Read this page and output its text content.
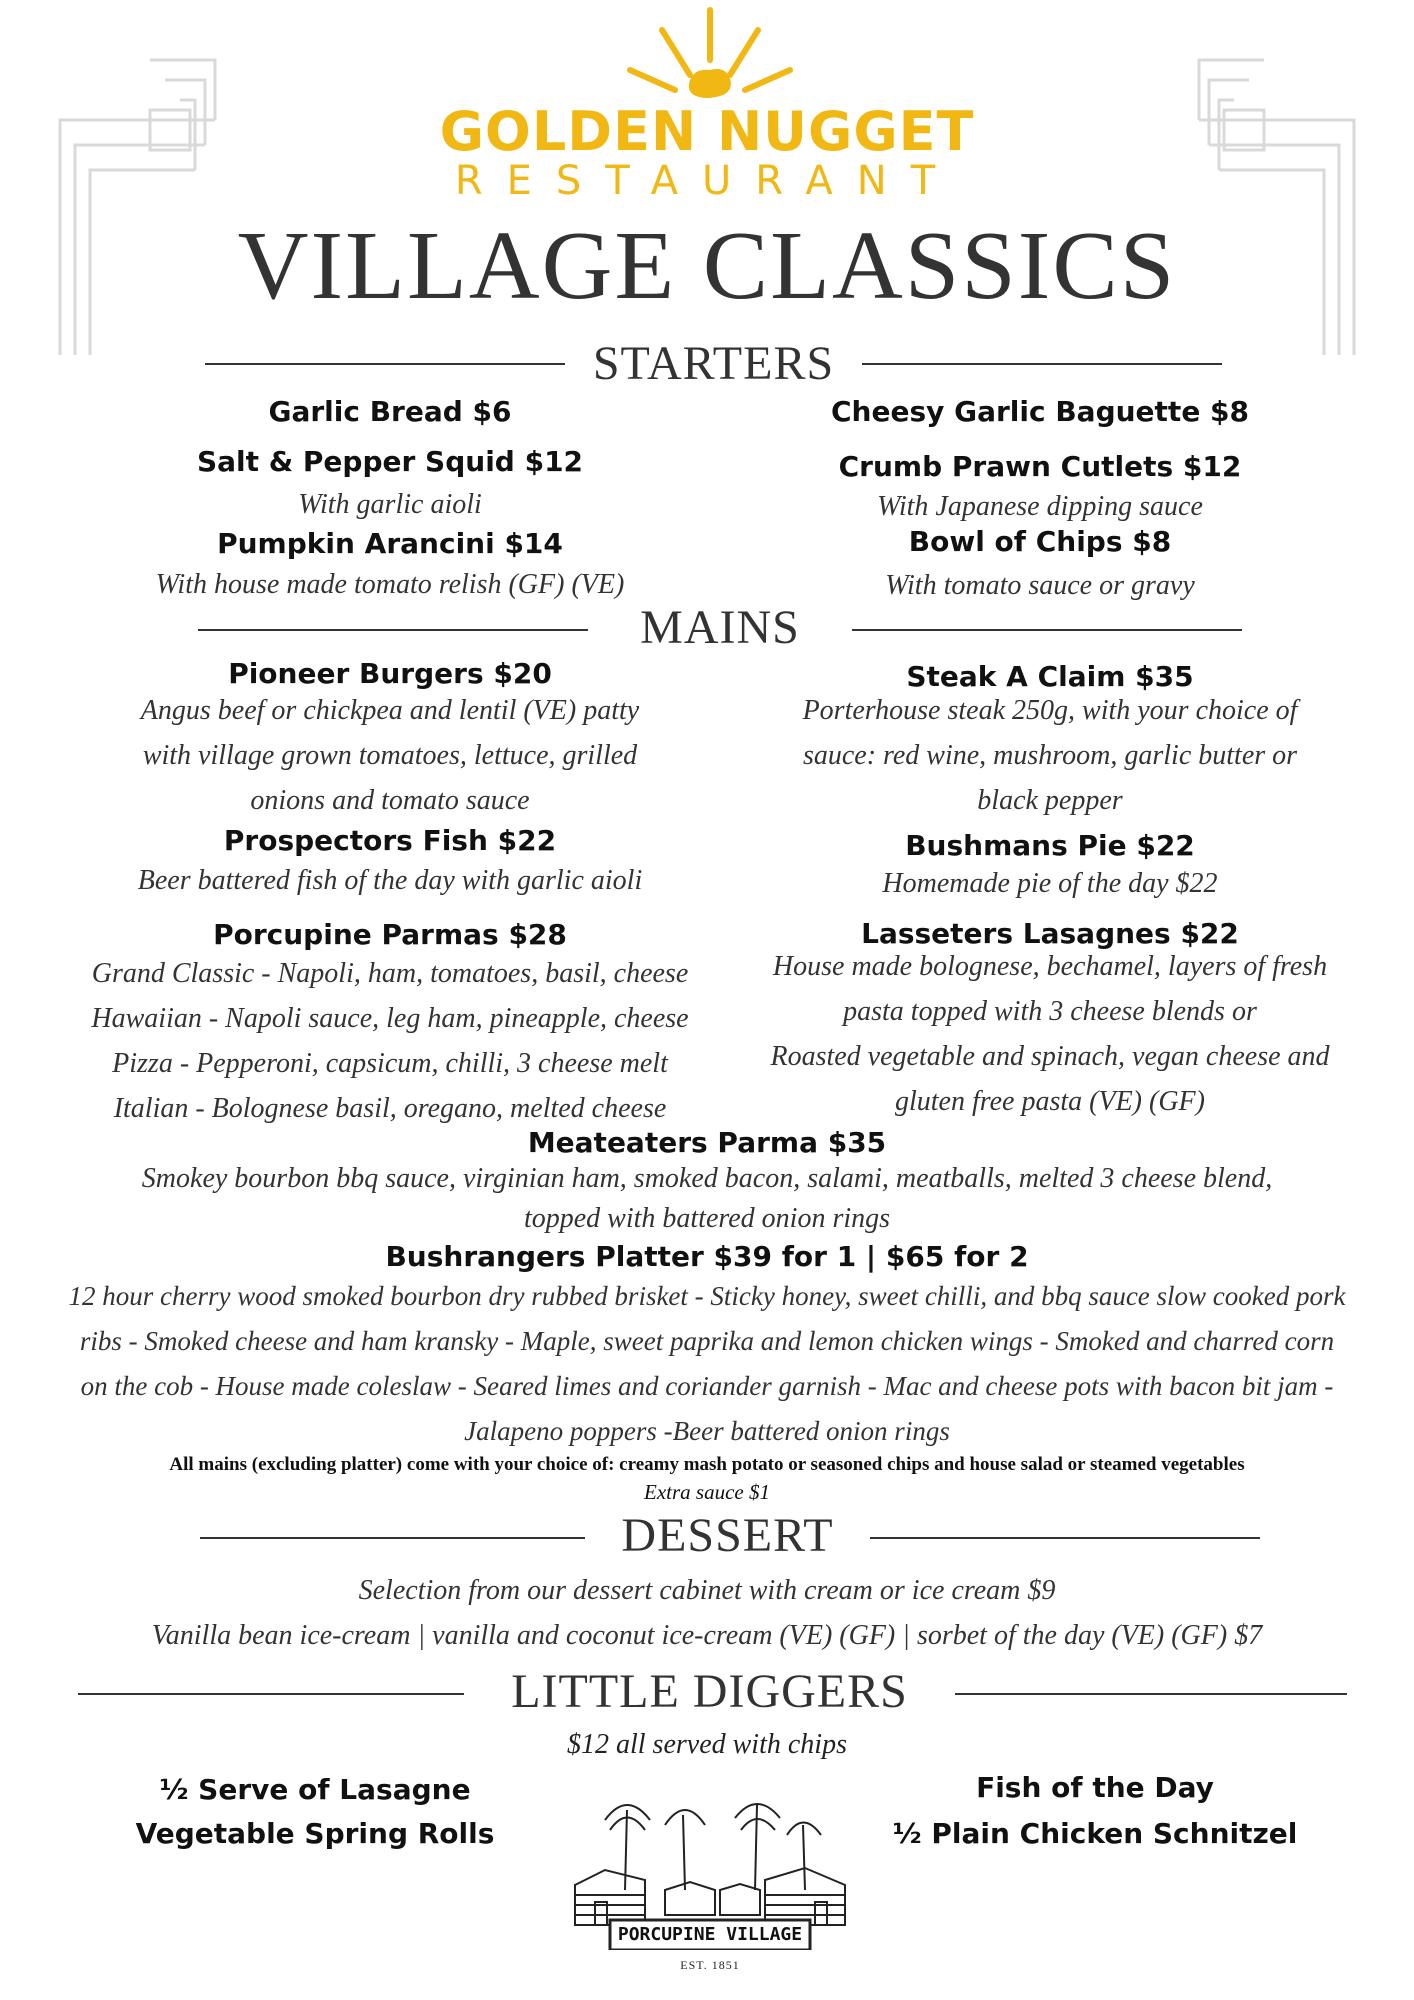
GOLDEN NUGGET
RESTAURANT
VILLAGE CLASSICS
STARTERS
Garlic Bread $6
Salt & Pepper Squid $12
With garlic aioli
Pumpkin Arancini $14
With house made tomato relish (GF) (VE)
Cheesy Garlic Baguette $8
Crumb Prawn Cutlets $12
With Japanese dipping sauce
Bowl of Chips $8
With tomato sauce or gravy
MAINS
Pioneer Burgers $20
Angus beef or chickpea and lentil (VE) patty
with village grown tomatoes, lettuce, grilled
onions and tomato sauce
Steak A Claim $35
Porterhouse steak 250g, with your choice of
sauce: red wine, mushroom, garlic butter or
black pepper
Prospectors Fish $22
Beer battered fish of the day with garlic aioli
Bushmans Pie $22
Homemade pie of the day $22
Porcupine Parmas $28
Grand Classic - Napoli, ham, tomatoes, basil, cheese
Hawaiian - Napoli sauce, leg ham, pineapple, cheese
Pizza - Pepperoni, capsicum, chilli, 3 cheese melt
Italian - Bolognese basil, oregano, melted cheese
Lasseters Lasagnes $22
House made bolognese, bechamel, layers of fresh
pasta topped with 3 cheese blends or
Roasted vegetable and spinach, vegan cheese and
gluten free pasta (VE) (GF)
Meateaters Parma $35
Smokey bourbon bbq sauce, virginian ham, smoked bacon, salami, meatballs, melted 3 cheese blend,
topped with battered onion rings
Bushrangers Platter $39 for 1 | $65 for 2
12 hour cherry wood smoked bourbon dry rubbed brisket - Sticky honey, sweet chilli, and bbq sauce slow cooked pork
ribs - Smoked cheese and ham kransky - Maple, sweet paprika and lemon chicken wings - Smoked and charred corn
on the cob - House made coleslaw - Seared limes and coriander garnish - Mac and cheese pots with bacon bit jam -
Jalapeno poppers -Beer battered onion rings
All mains (excluding platter) come with your choice of: creamy mash potato or seasoned chips and house salad or steamed vegetables
Extra sauce $1
DESSERT
Selection from our dessert cabinet with cream or ice cream $9
Vanilla bean ice-cream | vanilla and coconut ice-cream (VE) (GF) | sorbet of the day (VE) (GF) $7
LITTLE DIGGERS
$12 all served with chips
½ Serve of Lasagne
Vegetable Spring Rolls
Fish of the Day
½ Plain Chicken Schnitzel
PORCUPINE VILLAGE
EST. 1851
